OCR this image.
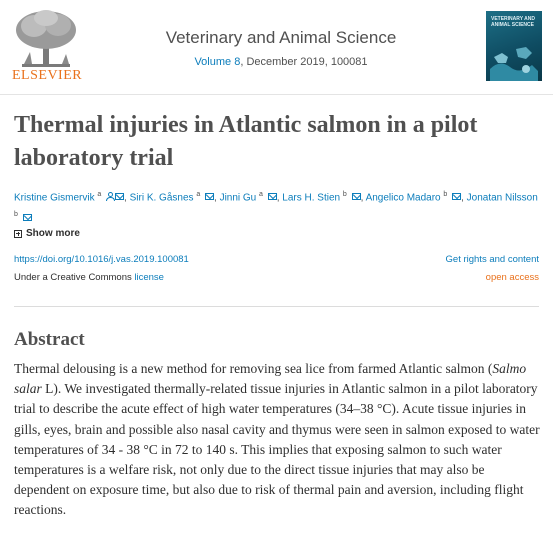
ELSEVIER
Veterinary and Animal Science
Volume 8, December 2019, 100081
VETERINARY AND ANIMAL SCIENCE
Thermal injuries in Atlantic salmon in a pilot laboratory trial
Kristine Gismervik $^a$ , Siri K. Gåsnes $^a$ , Jinni Gu $^a$ , Lars H. Stien $^b$ , Angelico Madaro $^b$ , Jonatan Nilsson $^b$
Show more
https://doi.org/10.1016/j.vas.2019.100081	Get rights and content
Under a Creative Commons license	open access
Abstract

Thermal delousing is a new method for removing sea lice from farmed Atlantic salmon (Salmo salar L). We investigated thermally-related tissue injuries in Atlantic salmon in a pilot laboratory trial to describe the acute effect of high water temperatures (34–38 °C). Acute tissue injuries in gills, eyes, brain and possible also nasal cavity and thymus were seen in salmon exposed to water temperatures of 34 - 38 °C in 72 to 140 s. This implies that exposing salmon to such water temperatures is a welfare risk, not only due to the direct tissue injuries that may also be dependent on exposure time, but also due to risk of thermal pain and aversion, including flight reactions.
